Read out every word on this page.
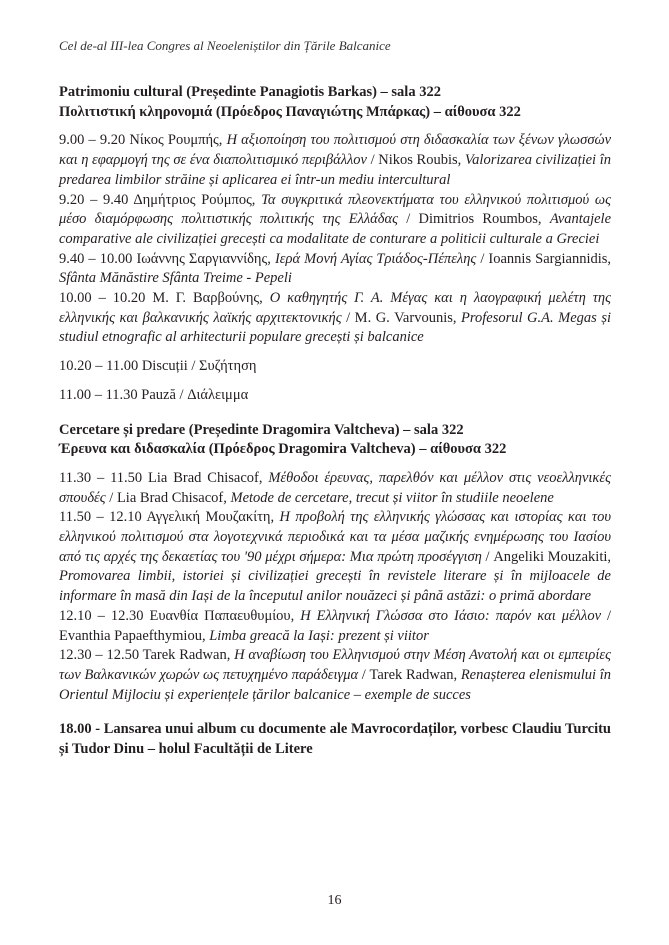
Cel de-al III-lea Congres al Neoeleniștilor din Țările Balcanice
Patrimoniu cultural (Președinte Panagiotis Barkas) – sala 322
Πολιτιστική κληρονομιά (Πρόεδρος Παναγιώτης Μπάρκας) – αίθουσα 322

9.00 – 9.20 Νίκος Ρουμπής, Η αξιοποίηση του πολιτισμού στη διδασκαλία των ξένων γλωσσών και η εφαρμογή της σε ένα διαπολιτισμικό περιβάλλον / Nikos Roubis, Valorizarea civilizației în predarea limbilor străine și aplicarea ei într-un mediu intercultural

9.20 – 9.40 Δημήτριος Ρούμπος, Τα συγκριτικά πλεονεκτήματα του ελληνικού πολιτισμού ως μέσο διαμόρφωσης πολιτιστικής πολιτικής της Ελλάδας / Dimitrios Roumbos, Avantajele comparative ale civilizației grecești ca modalitate de conturare a politicii culturale a Greciei

9.40 – 10.00 Ιωάννης Σαργιαννίδης, Ιερά Μονή Αγίας Τριάδος-Πέπελης / Ioannis Sargiannidis, Sfânta Mănăstire Sfânta Treime - Pepeli

10.00 – 10.20 Μ. Γ. Βαρβούνης, Ο καθηγητής Γ. Α. Μέγας και η λαογραφική μελέτη της ελληνικής και βαλκανικής λαϊκής αρχιτεκτονικής / M. G. Varvounis, Profesorul G.A. Megas și studiul etnografic al arhitecturii populare grecești și balcanice

10.20 – 11.00 Discuții / Συζήτηση

11.00 – 11.30 Pauză / Διάλειμμα

Cercetare și predare (Președinte Dragomira Valtcheva) – sala 322
Έρευνα και διδασκαλία (Πρόεδρος Dragomira Valtcheva) – αίθουσα 322

11.30 – 11.50 Lia Brad Chisacof, Μέθοδοι έρευνας, παρελθόν και μέλλον στις νεοελληνικές σπουδές / Lia Brad Chisacof, Metode de cercetare, trecut și viitor în studiile neoelene

11.50 – 12.10 Αγγελική Μουζακίτη, Η προβολή της ελληνικής γλώσσας και ιστορίας και του ελληνικού πολιτισμού στα λογοτεχνικά περιοδικά και τα μέσα μαζικής ενημέρωσης του Ιασίου από τις αρχές της δεκαετίας του '90 μέχρι σήμερα: Μια πρώτη προσέγγιση / Angeliki Mouzakiti, Promovarea limbii, istoriei și civilizației grecești în revistele literare și în mijloacele de informare în masă din Iași de la începutul anilor nouăzeci și până astăzi: o primă abordare

12.10 – 12.30 Ευανθία Παπαευθυμίου, Η Ελληνική Γλώσσα στο Ιάσιο: παρόν και μέλλον / Evanthia Papaefthymiou, Limba greacă la Iași: prezent și viitor

12.30 – 12.50 Tarek Radwan, Η αναβίωση του Ελληνισμού στην Μέση Ανατολή και οι εμπειρίες των Βαλκανικών χωρών ως πετυχημένο παράδειγμα / Tarek Radwan, Renașterea elenismului în Orientul Mijlociu și experiențele țărilor balcanice – exemple de succes

18.00 - Lansarea unui album cu documente ale Mavrocordaților, vorbesc Claudiu Turcitu și Tudor Dinu – holul Facultății de Litere

16
